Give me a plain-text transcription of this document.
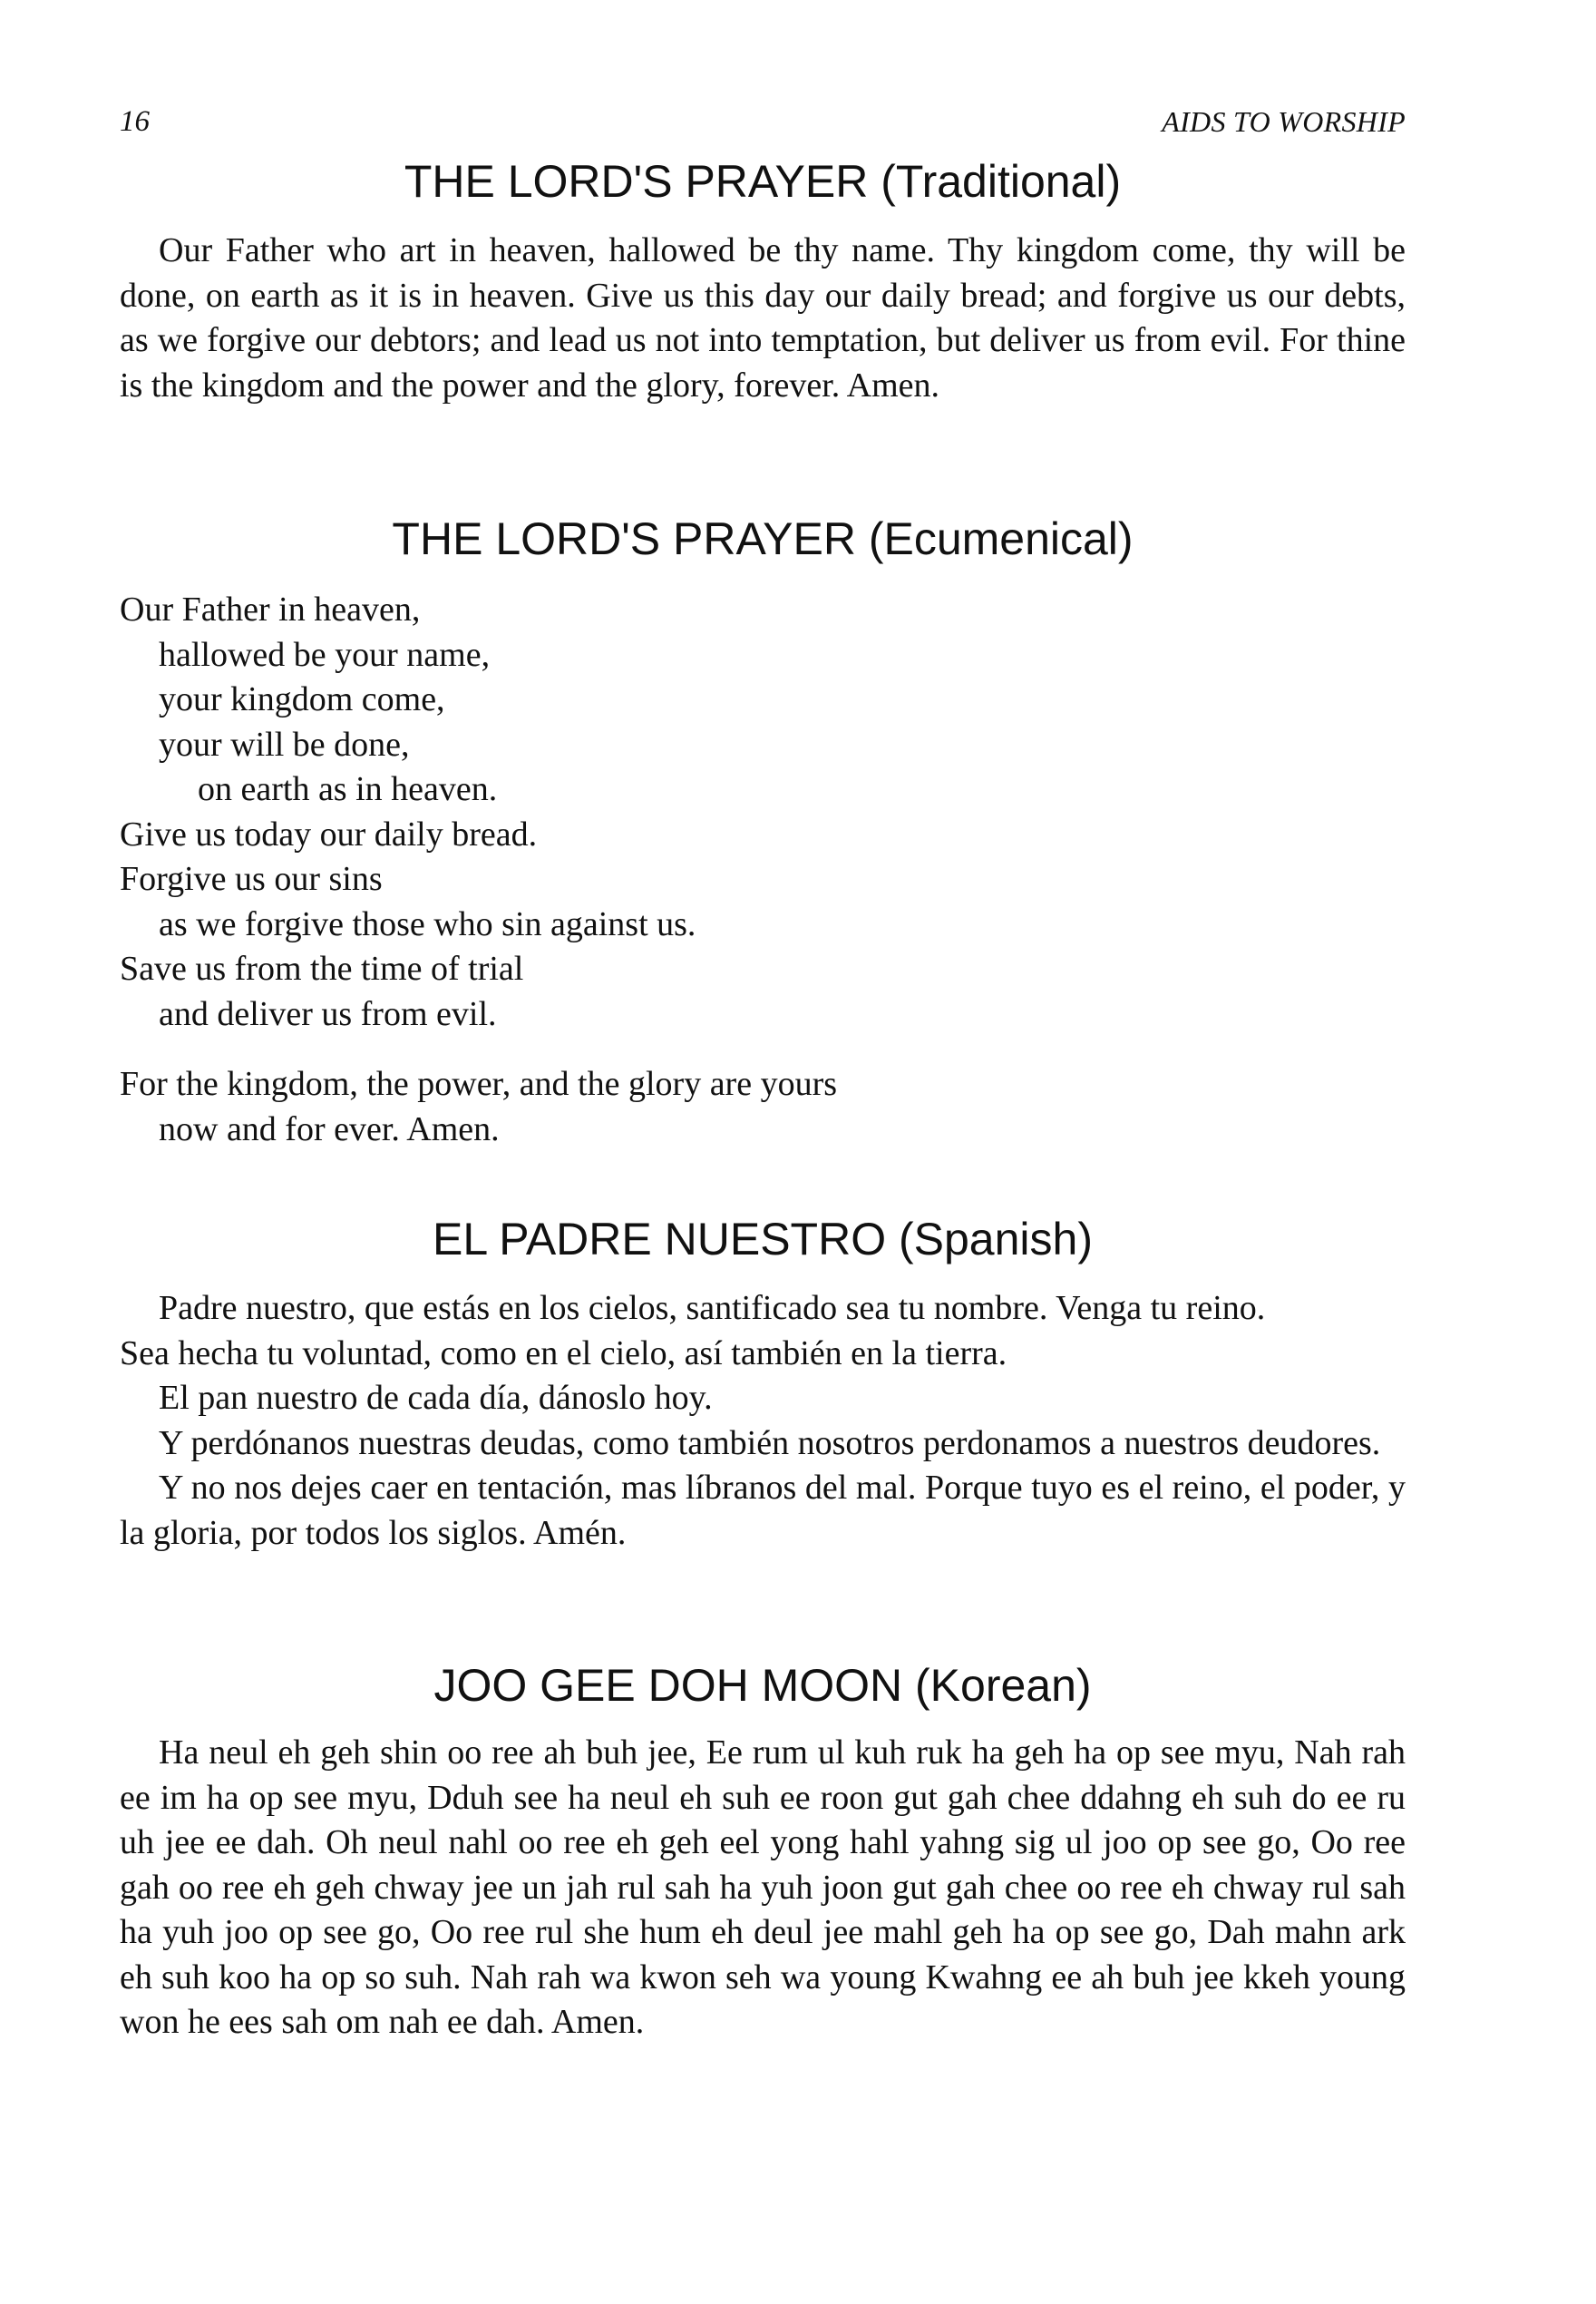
16	AIDS TO WORSHIP
THE LORD'S PRAYER (Traditional)

Our Father who art in heaven, hallowed be thy name. Thy kingdom come, thy will be done, on earth as it is in heaven. Give us this day our daily bread; and forgive us our debts, as we forgive our debtors; and lead us not into temptation, but deliver us from evil. For thine is the kingdom and the power and the glory, forever. Amen.

THE LORD'S PRAYER (Ecumenical)
Our Father in heaven,
hallowed be your name,
your kingdom come,
your will be done,
on earth as in heaven.
Give us today our daily bread.
Forgive us our sins
as we forgive those who sin against us.
Save us from the time of trial
and deliver us from evil.
For the kingdom, the power, and the glory are yours
now and for ever. Amen.
EL PADRE NUESTRO (Spanish)

Padre nuestro, que estás en los cielos, santificado sea tu nombre. Venga tu reino.

Sea hecha tu voluntad, como en el cielo, así también en la tierra.

El pan nuestro de cada día, dánoslo hoy.

Y perdónanos nuestras deudas, como también nosotros perdonamos a nuestros deudores.

Y no nos dejes caer en tentación, mas líbranos del mal. Porque tuyo es el reino, el poder, y la gloria, por todos los siglos. Amén.

JOO GEE DOH MOON (Korean)

Ha neul eh geh shin oo ree ah buh jee, Ee rum ul kuh ruk ha geh ha op see myu, Nah rah ee im ha op see myu, Dduh see ha neul eh suh ee roon gut gah chee ddahng eh suh do ee ru uh jee ee dah. Oh neul nahl oo ree eh geh eel yong hahl yahng sig ul joo op see go, Oo ree gah oo ree eh geh chway jee un jah rul sah ha yuh joon gut gah chee oo ree eh chway rul sah ha yuh joo op see go, Oo ree rul she hum eh deul jee mahl geh ha op see go, Dah mahn ark eh suh koo ha op so suh. Nah rah wa kwon seh wa young Kwahng ee ah buh jee kkeh young won he ees sah om nah ee dah. Amen.
